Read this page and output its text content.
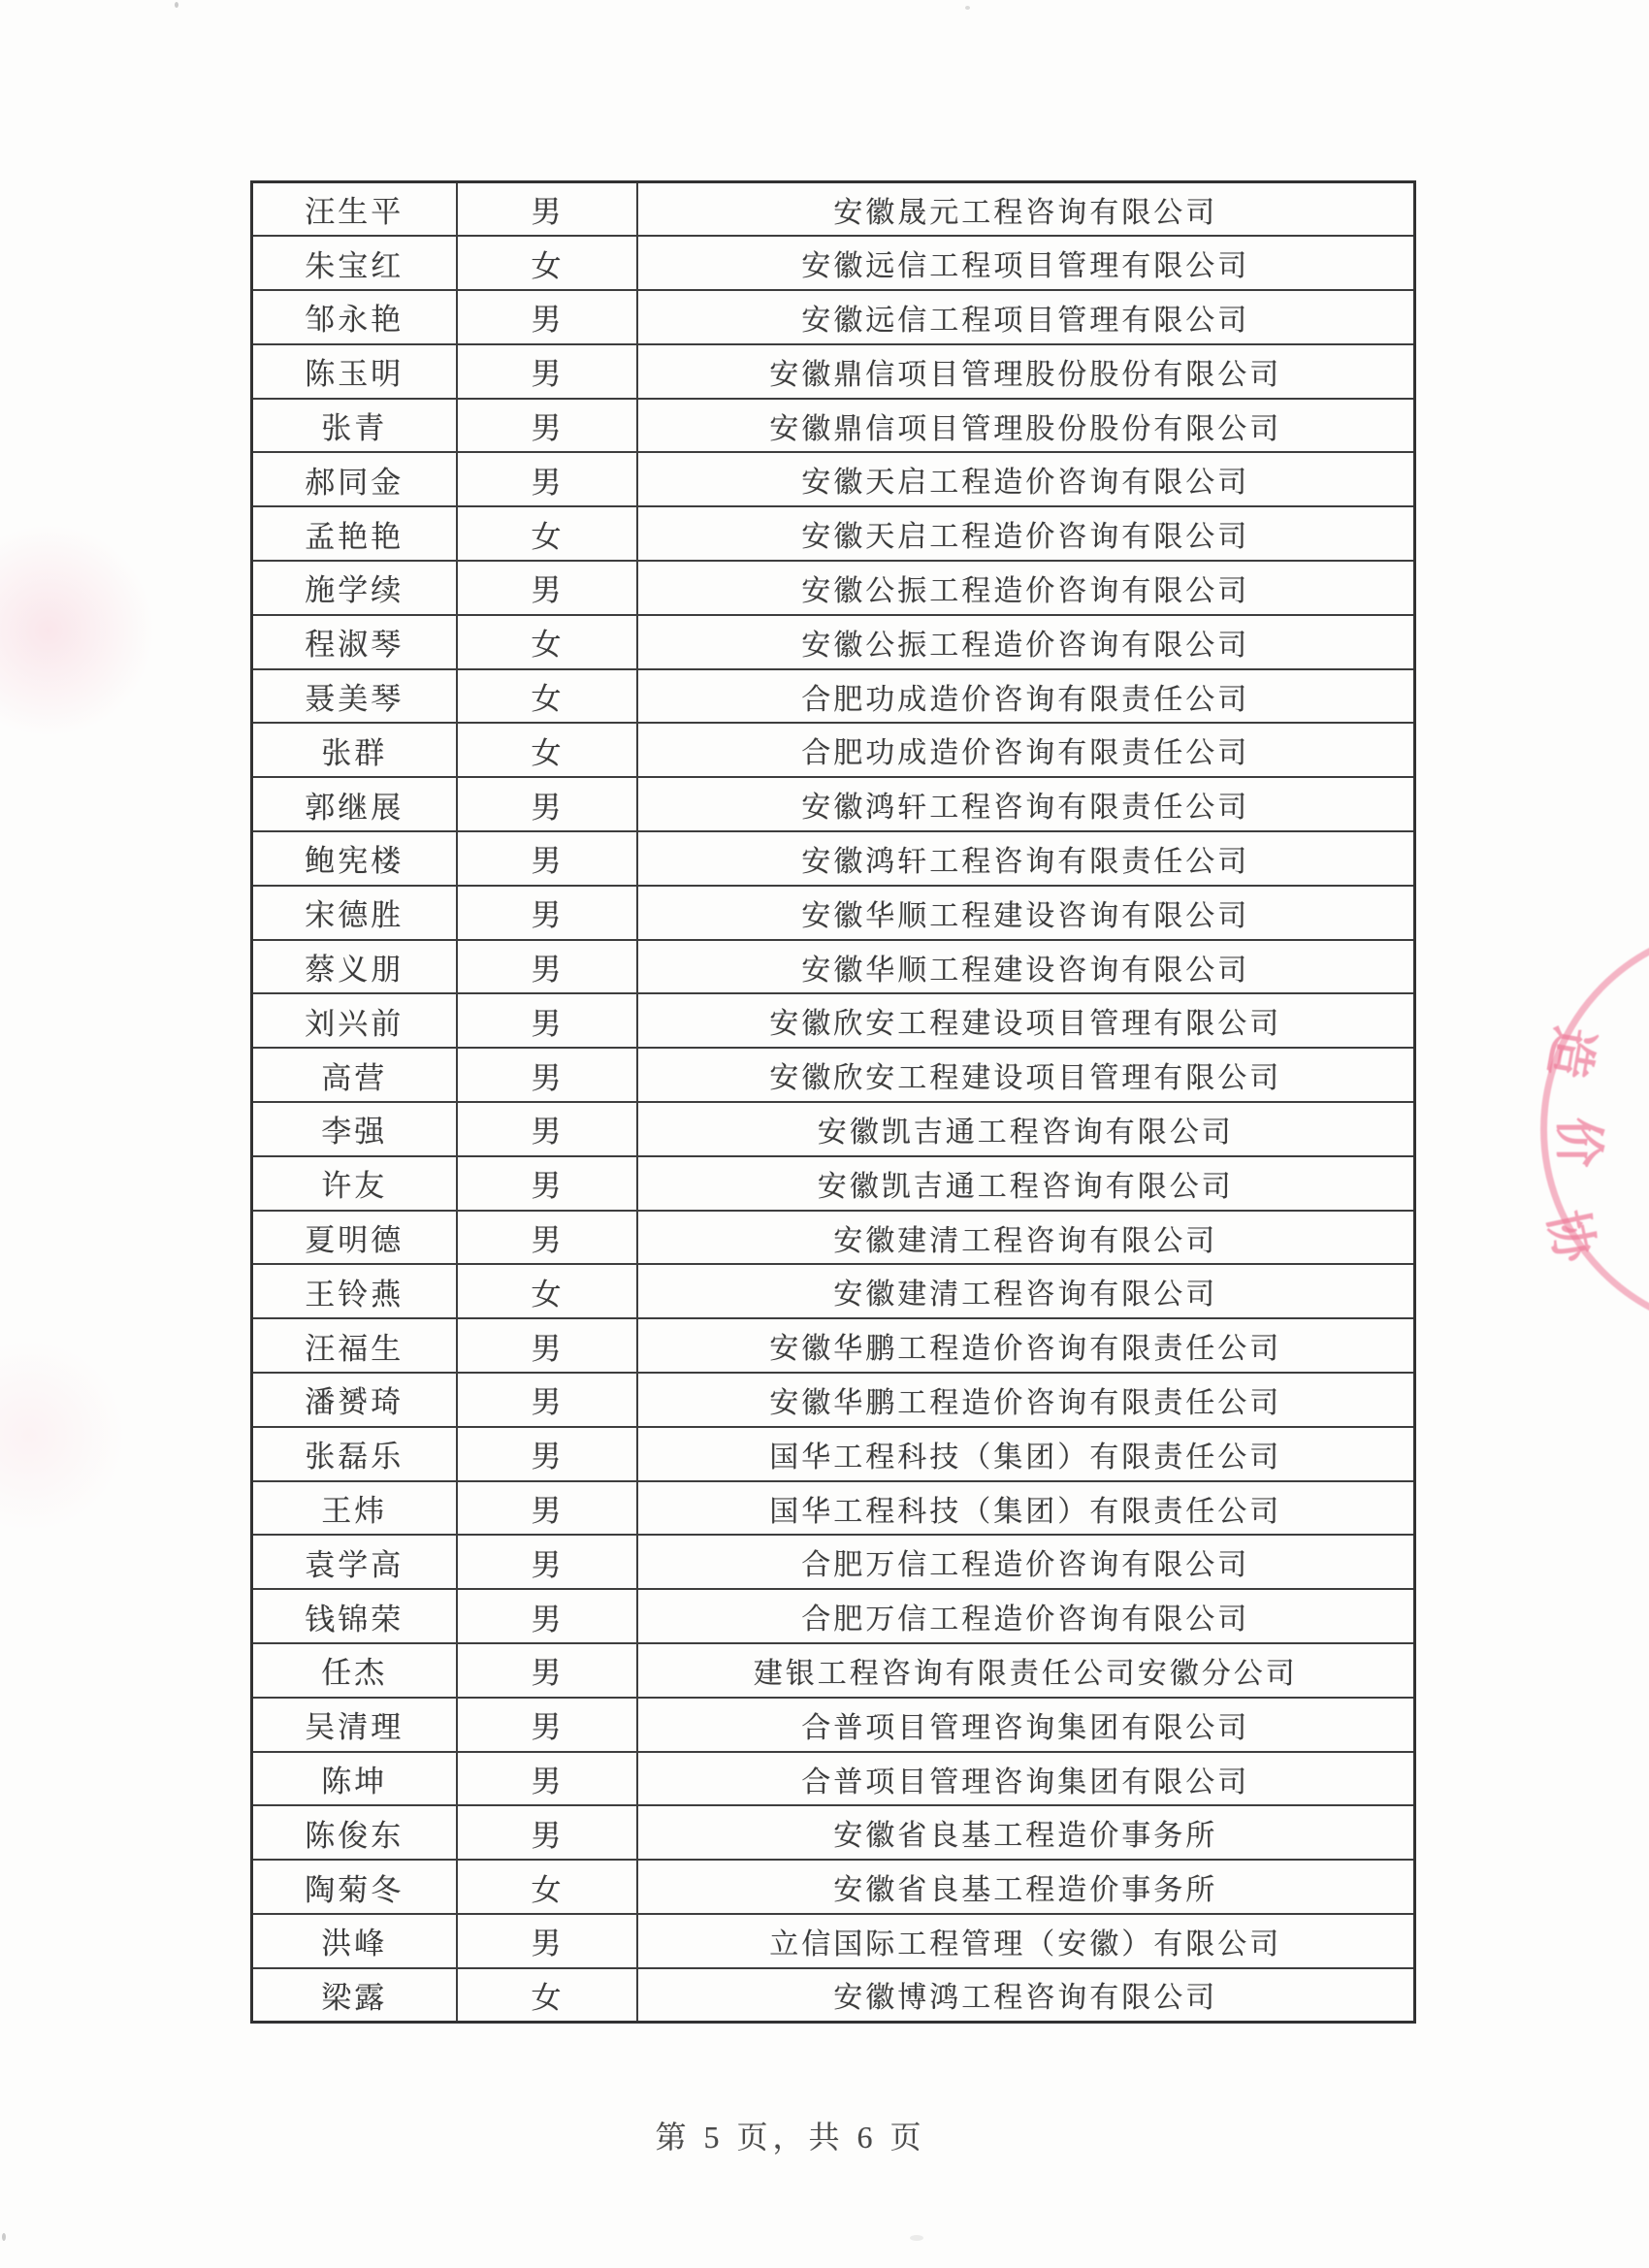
汪生平	男	安徽晟元工程咨询有限公司
朱宝红	女	安徽远信工程项目管理有限公司
邹永艳	男	安徽远信工程项目管理有限公司
陈玉明	男	安徽鼎信项目管理股份股份有限公司
张青	男	安徽鼎信项目管理股份股份有限公司
郝同金	男	安徽天启工程造价咨询有限公司
孟艳艳	女	安徽天启工程造价咨询有限公司
施学续	男	安徽公振工程造价咨询有限公司
程淑琴	女	安徽公振工程造价咨询有限公司
聂美琴	女	合肥功成造价咨询有限责任公司
张群	女	合肥功成造价咨询有限责任公司
郭继展	男	安徽鸿轩工程咨询有限责任公司
鲍宪楼	男	安徽鸿轩工程咨询有限责任公司
宋德胜	男	安徽华顺工程建设咨询有限公司
蔡义朋	男	安徽华顺工程建设咨询有限公司
刘兴前	男	安徽欣安工程建设项目管理有限公司
高营	男	安徽欣安工程建设项目管理有限公司
李强	男	安徽凯吉通工程咨询有限公司
许友	男	安徽凯吉通工程咨询有限公司
夏明德	男	安徽建清工程咨询有限公司
王铃燕	女	安徽建清工程咨询有限公司
汪福生	男	安徽华鹏工程造价咨询有限责任公司
潘赟琦	男	安徽华鹏工程造价咨询有限责任公司
张磊乐	男	国华工程科技（集团）有限责任公司
王炜	男	国华工程科技（集团）有限责任公司
袁学高	男	合肥万信工程造价咨询有限公司
钱锦荣	男	合肥万信工程造价咨询有限公司
任杰	男	建银工程咨询有限责任公司安徽分公司
吴清理	男	合普项目管理咨询集团有限公司
陈坤	男	合普项目管理咨询集团有限公司
陈俊东	男	安徽省良基工程造价事务所
陶菊冬	女	安徽省良基工程造价事务所
洪峰	男	立信国际工程管理（安徽）有限公司
梁露	女	安徽博鸿工程咨询有限公司
第 5 页，共 6 页
造
价
协
